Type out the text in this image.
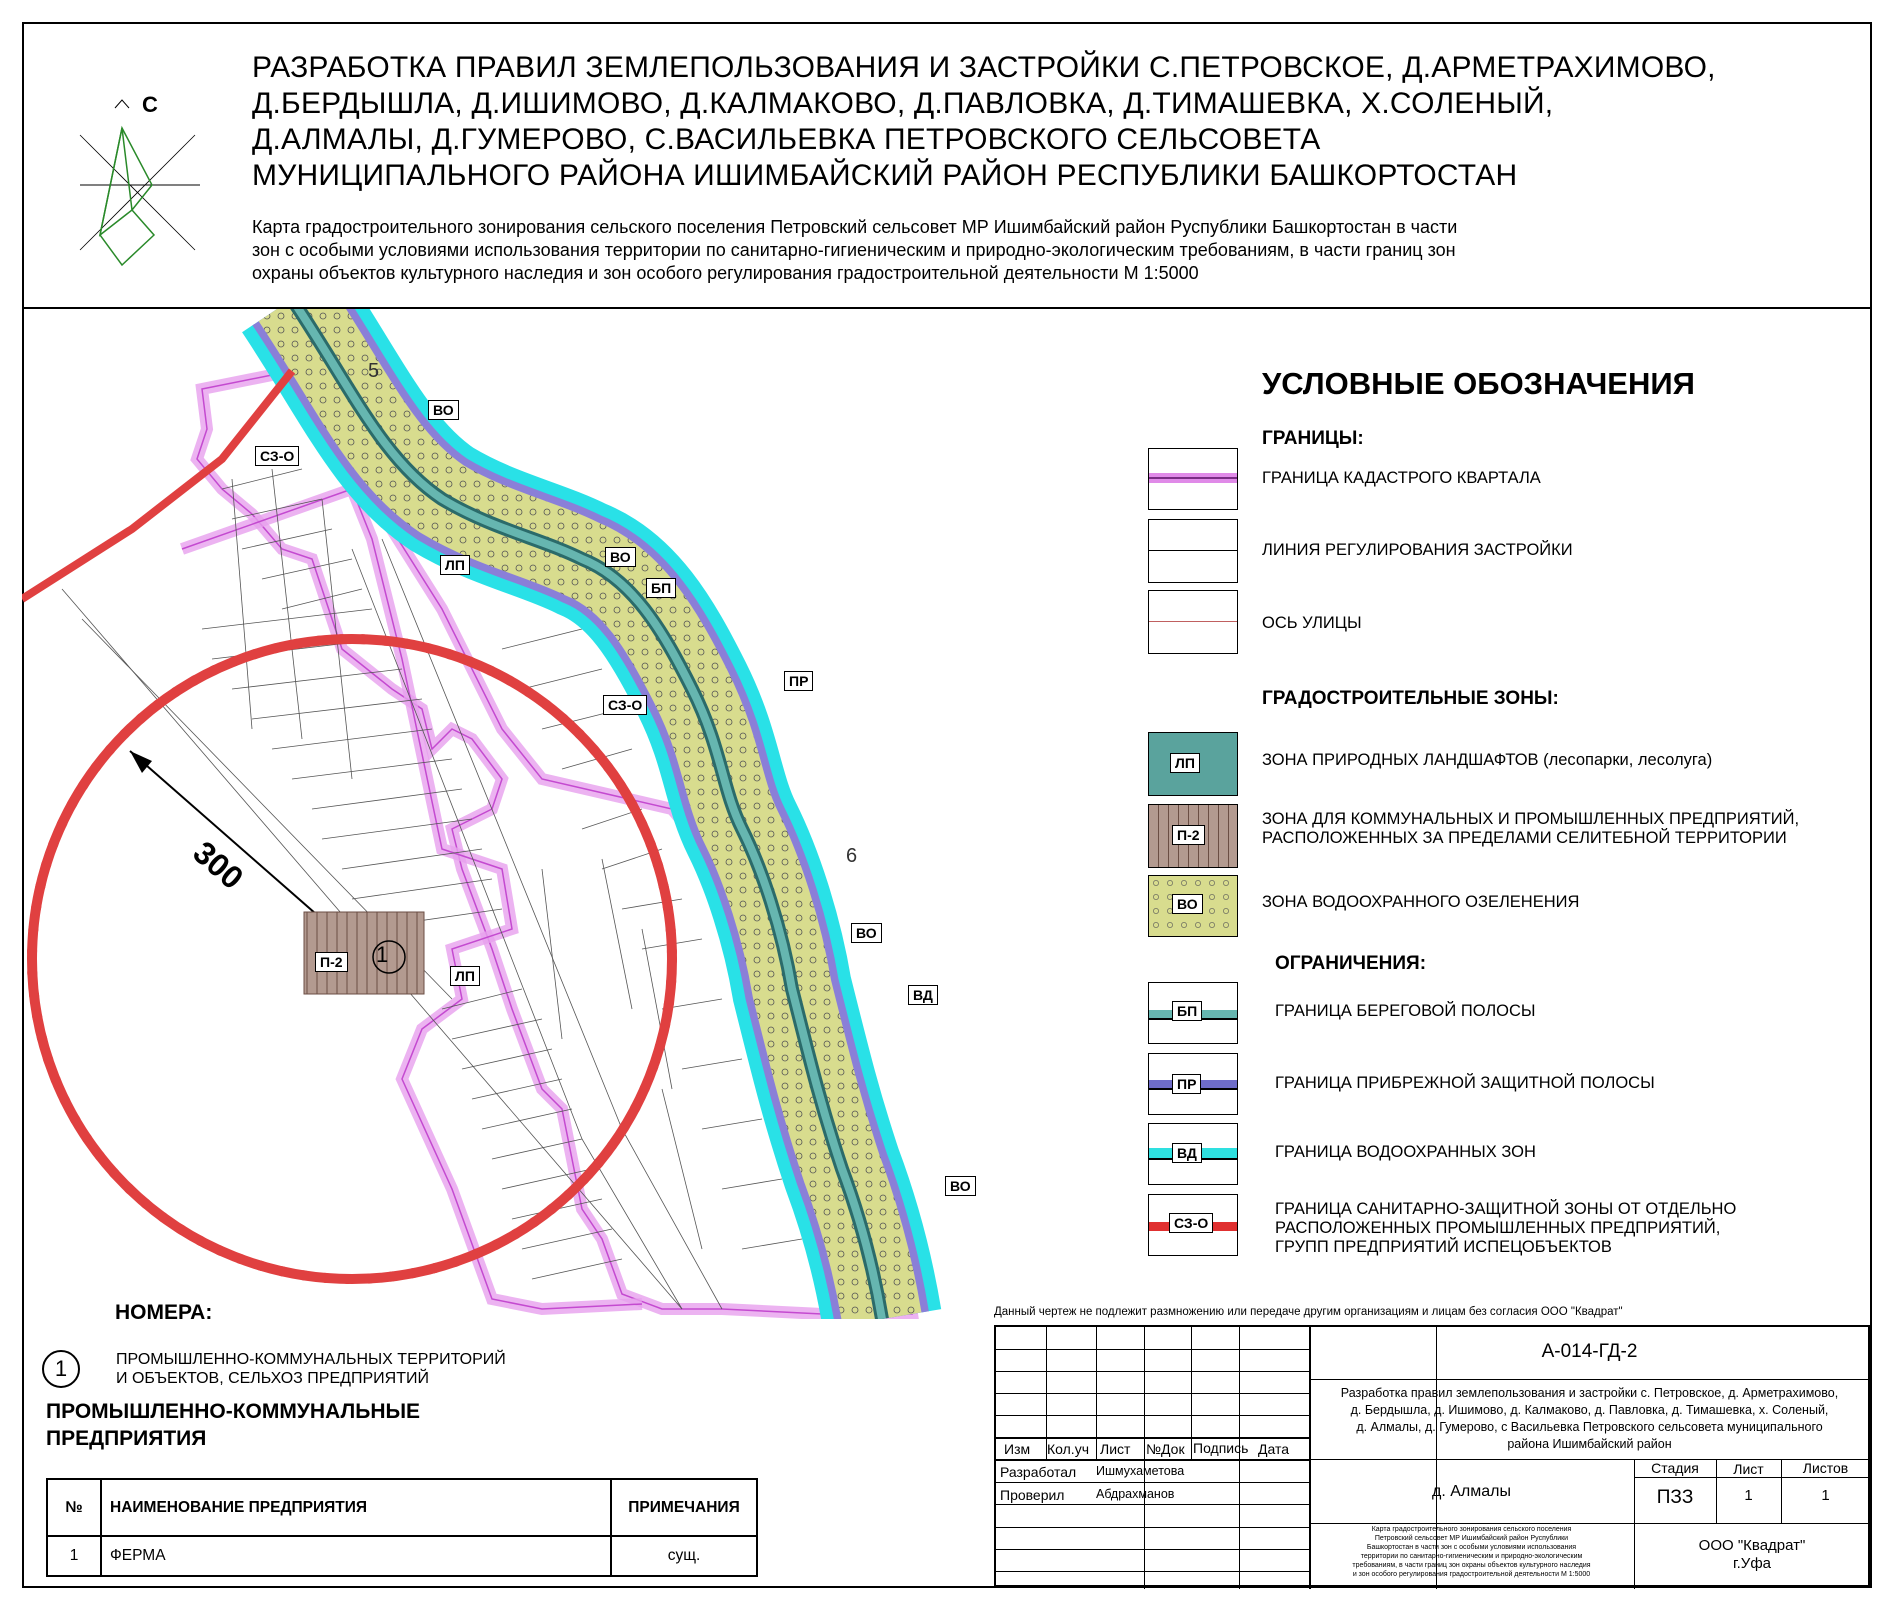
С
РАЗРАБОТКА ПРАВИЛ ЗЕМЛЕПОЛЬЗОВАНИЯ И ЗАСТРОЙКИ С.ПЕТРОВСКОЕ, Д.АРМЕТРАХИМОВО,
Д.БЕРДЫШЛА, Д.ИШИМОВО, Д.КАЛМАКОВО, Д.ПАВЛОВКА, Д.ТИМАШЕВКА, Х.СОЛЕНЫЙ,
Д.АЛМАЛЫ, Д.ГУМЕРОВО, С.ВАСИЛЬЕВКА ПЕТРОВСКОГО СЕЛЬСОВЕТА
МУНИЦИПАЛЬНОГО РАЙОНА ИШИМБАЙСКИЙ РАЙОН РЕСПУБЛИКИ БАШКОРТОСТАН
Карта градостроительного зонирования сельского поселения Петровский сельсовет МР Ишимбайский район Руспублики Башкортостан в части
зон с особыми условиями использования территории по санитарно-гигиеническим и природно-экологическим требованиям, в части границ зон
охраны объектов культурного наследия и зон особого регулирования градостроительной деятельности М 1:5000
ВО
СЗ-О
ЛП	ВО
БП
СЗ-О
ПР
ВО
ВД
ВО
ЛП
П-2 1
300
5
6
УСЛОВНЫЕ ОБОЗНАЧЕНИЯ
ГРАНИЦЫ:
ГРАНИЦА КАДАСТРОГО КВАРТАЛА
ЛИНИЯ РЕГУЛИРОВАНИЯ ЗАСТРОЙКИ
ОСЬ УЛИЦЫ
ГРАДОСТРОИТЕЛЬНЫЕ ЗОНЫ:
ЛП	ЗОНА ПРИРОДНЫХ ЛАНДШАФТОВ (лесопарки, лесолуга)
П-2
ЗОНА ДЛЯ КОММУНАЛЬНЫХ И ПРОМЫШЛЕННЫХ ПРЕДПРИЯТИЙ,
РАСПОЛОЖЕННЫХ ЗА ПРЕДЕЛАМИ СЕЛИТЕБНОЙ ТЕРРИТОРИИ
ВО	ЗОНА ВОДООХРАННОГО ОЗЕЛЕНЕНИЯ
ОГРАНИЧЕНИЯ:
БП	ГРАНИЦА БЕРЕГОВОЙ ПОЛОСЫ
ПР	ГРАНИЦА ПРИБРЕЖНОЙ ЗАЩИТНОЙ ПОЛОСЫ
ВД	ГРАНИЦА ВОДООХРАННЫХ ЗОН
СЗ-О
ГРАНИЦА САНИТАРНО-ЗАЩИТНОЙ ЗОНЫ ОТ ОТДЕЛЬНО
РАСПОЛОЖЕННЫХ ПРОМЫШЛЕННЫХ ПРЕДПРИЯТИЙ,
ГРУПП ПРЕДПРИЯТИЙ ИСПЕЦОБЪЕКТОВ
НОМЕРА:
1	ПРОМЫШЛЕННО-КОММУНАЛЬНЫХ ТЕРРИТОРИЙ
И ОБЪЕКТОВ, СЕЛЬХОЗ ПРЕДПРИЯТИЙ
ПРОМЫШЛЕННО-КОММУНАЛЬНЫЕ
ПРЕДПРИЯТИЯ
№	НАИМЕНОВАНИЕ ПРЕДПРИЯТИЯ	ПРИМЕЧАНИЯ
1	ФЕРМА	сущ.
Данный чертеж не подлежит размножению или передаче другим организациям и лицам без согласия ООО "Квадрат"
Изм Кол.уч Лист №Док Подпись Дата
Разработал Ишмухаметова
Проверил	Абдрахманов
А-014-ГД-2
Разработка правил землепользования и застройки с. Петровское, д. Арметрахимово,
д. Бердышла, д. Ишимово, д. Калмаково, д. Павловка, д. Тимашевка, х. Соленый,
д. Алмалы, д. Гумерово, с Васильевка Петровского сельсовета муниципального
района Ишимбайский район
д. Алмалы
Стадия	Лист	Листов
ПЗЗ	1	1
Карта градостроительного зонирования сельского поселения
Петровский сельсовет МР Ишимбайский район Руспублики
Башкортостан в части зон с особыми условиями использования
территории по санитарно-гигиеническим и природно-экологическим
требованиям, в части границ зон охраны объектов культурного наследия
и зон особого регулирования градостроительной деятельности М 1:5000
ООО "Квадрат"
г.Уфа
